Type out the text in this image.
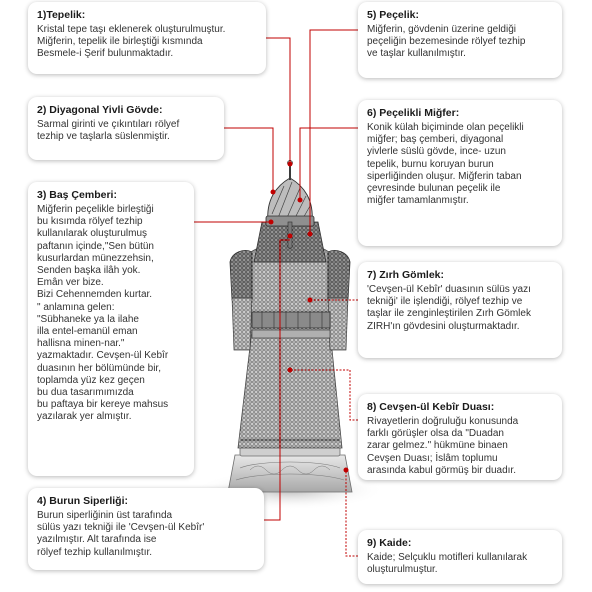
1)Tepelik:
Kristal tepe taşı eklenerek oluşturulmuştur.
Miğferin, tepelik ile birleştiği kısmında
Besmele-i Şerif bulunmaktadır.
2) Diyagonal Yivli Gövde:
Sarmal girinti ve çıkıntıları rölyef
tezhip ve taşlarla süslenmiştir.
3) Baş Çemberi:
Miğferin peçelikle birleştiği
bu kısımda rölyef tezhip
kullanılarak oluşturulmuş
paftanın içinde,"Sen bütün
kusurlardan münezzehsin,
Senden başka ilâh yok.
Emân ver bize.
Bizi Cehennemden kurtar.
" anlamına gelen:
"Sübhaneke ya la ilahe
illa entel-emanül eman
hallisna minen-nar."
yazmaktadır. Cevşen-ül Kebîr
duasının her bölümünde bir,
toplamda yüz kez geçen
bu dua tasarımımızda
bu paftaya bir kereye mahsus
yazılarak yer almıştır.
4) Burun Siperliği:
Burun siperliğinin üst tarafında
sülüs yazı tekniği ile 'Cevşen-ül Kebîr'
yazılmıştır. Alt tarafında ise
rölyef tezhip kullanılmıştır.
5) Peçelik:
Miğferin, gövdenin üzerine geldiği
peçeliğin bezemesinde rölyef tezhip
ve taşlar kullanılmıştır.
6) Peçelikli Miğfer:
Konik külah biçiminde olan peçelikli
miğfer; baş çemberi, diyagonal
yivlerle süslü gövde, ince- uzun
tepelik, burnu koruyan burun
siperliğinden oluşur. Miğferin taban
çevresinde bulunan peçelik ile
miğfer tamamlanmıştır.
7) Zırh Gömlek:
'Cevşen-ül Kebîr' duasının sülüs yazı
tekniği' ile işlendiği, rölyef tezhip ve
taşlar ile zenginleştirilen Zırh Gömlek
ZIRH'ın gövdesini oluşturmaktadır.
8) Cevşen-ül Kebîr Duası:
Rivayetlerin doğruluğu konusunda
farklı görüşler olsa da "Duadan
zarar gelmez." hükmüne binaen
Cevşen Duası; İslâm toplumu
arasında kabul görmüş bir duadır.
9) Kaide:
Kaide; Selçuklu motifleri kullanılarak
oluşturulmuştur.
